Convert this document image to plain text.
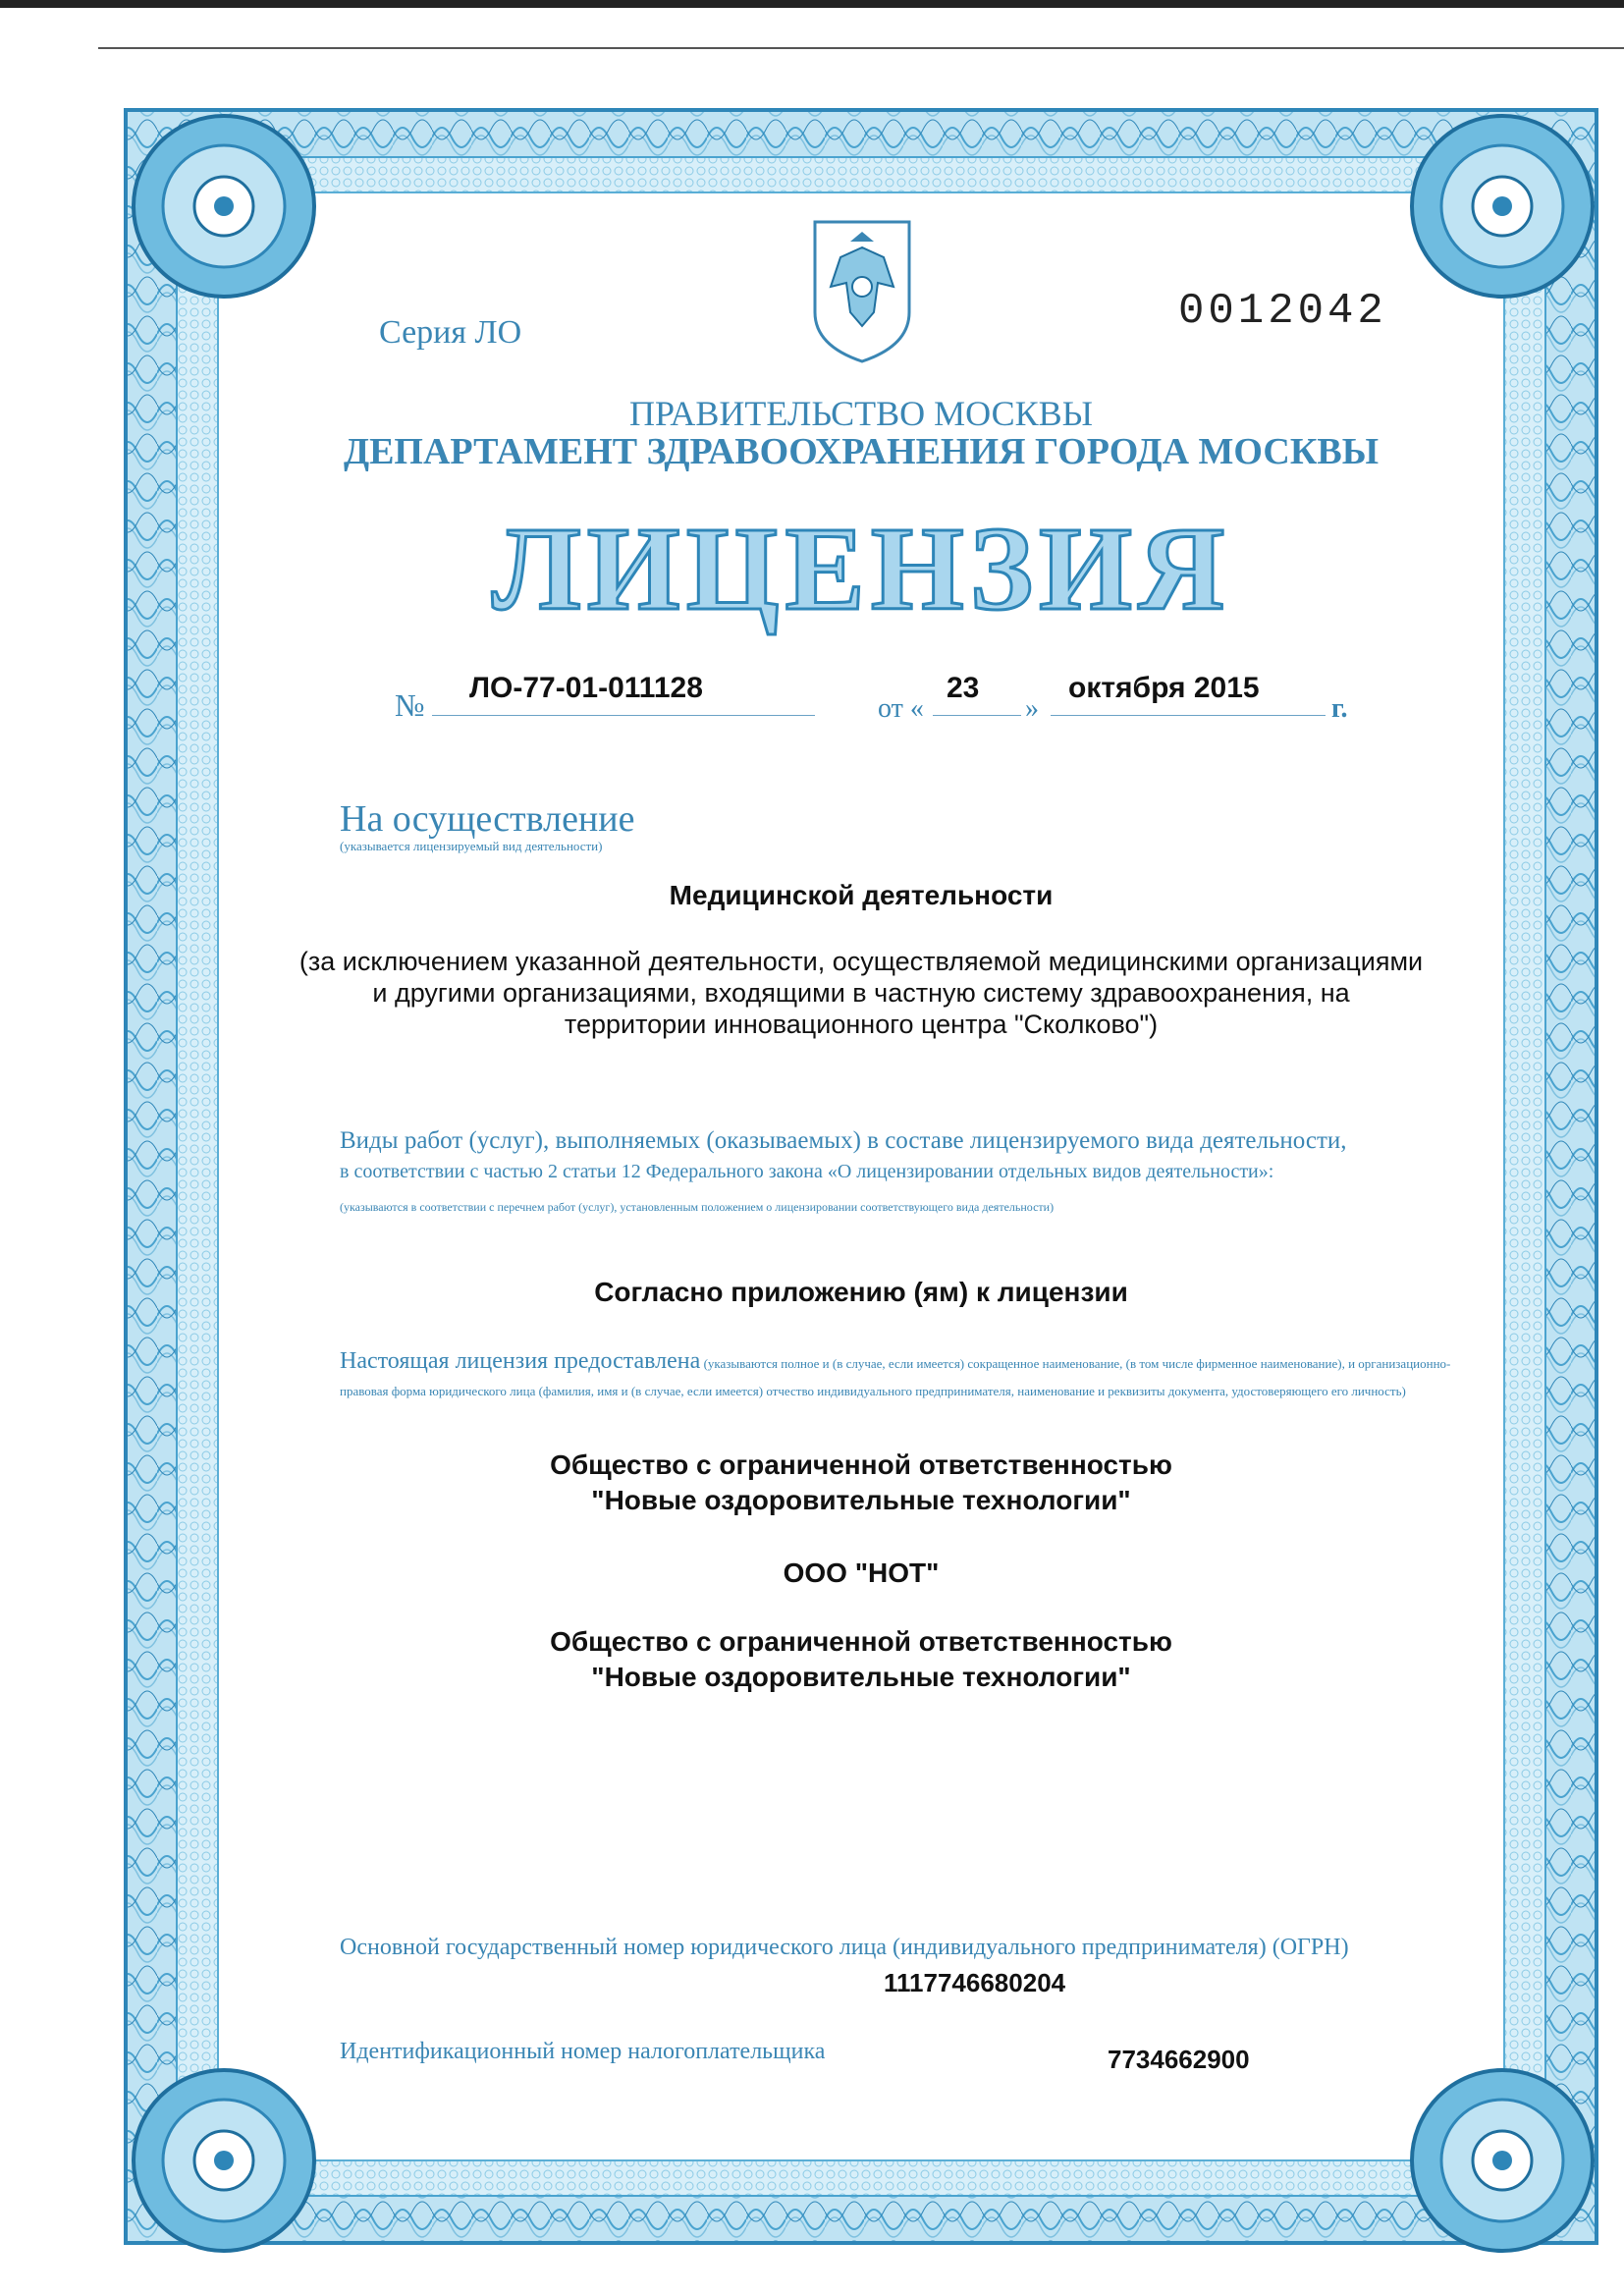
Серия ЛО	0012042
ПРАВИТЕЛЬСТВО МОСКВЫ
ДЕПАРТАМЕНТ ЗДРАВООХРАНЕНИЯ ГОРОДА МОСКВЫ
ЛИЦЕНЗИЯ
№ ЛО-77-01-011128
от «
23
»
октября 2015
г.
На осуществление
(указывается лицензируемый вид деятельности)
Медицинской деятельности
(за исключением указанной деятельности, осуществляемой медицинскими организациями
и другими организациями, входящими в частную систему здравоохранения, на
территории инновационного центра "Сколково")
Виды работ (услуг), выполняемых (оказываемых) в составе лицензируемого вида деятельности,
в соответствии с частью 2 статьи 12 Федерального закона «О лицензировании отдельных видов деятельности»:
(указываются в соответствии с перечнем работ (услуг), установленным положением о лицензировании соответствующего вида деятельности)
Согласно приложению (ям) к лицензии
Настоящая лицензия предоставлена (указываются полное и (в случае, если имеется) сокращенное наименование, (в том числе фирменное наименование), и организационно-правовая форма юридического лица (фамилия, имя и (в случае, если имеется) отчество индивидуального предпринимателя, наименование и реквизиты документа, удостоверяющего его личность)
Общество с ограниченной ответственностью
"Новые оздоровительные технологии"
ООО "НОТ"
Общество с ограниченной ответственностью
"Новые оздоровительные технологии"
Основной государственный номер юридического лица (индивидуального предпринимателя) (ОГРН)
1117746680204
Идентификационный номер налогоплательщика	7734662900
